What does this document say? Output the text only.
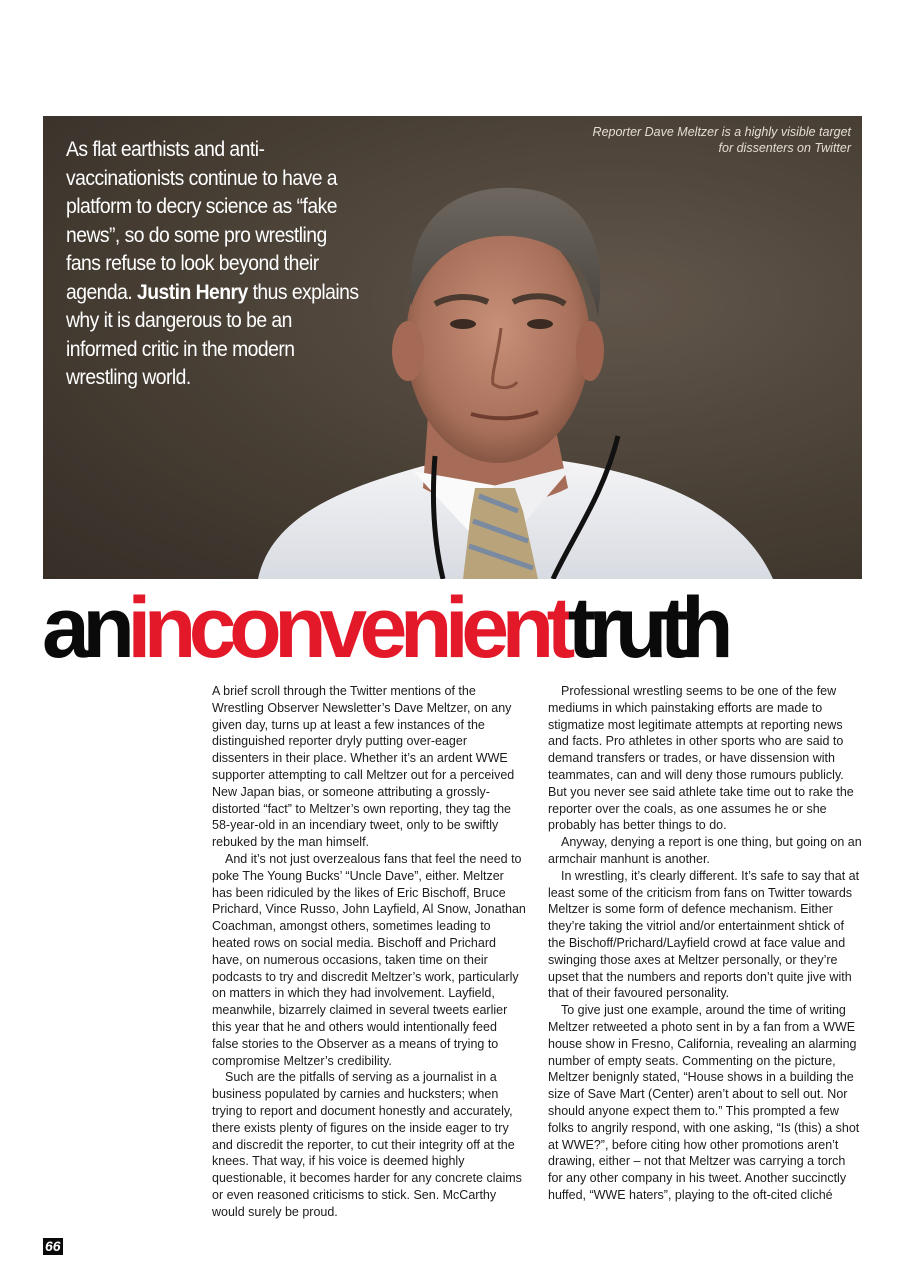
As flat earthists and anti-vaccinationists continue to have a platform to decry science as “fake news”, so do some pro wrestling fans refuse to look beyond their agenda. Justin Henry thus explains why it is dangerous to be an informed critic in the modern wrestling world.
Reporter Dave Meltzer is a highly visible target for dissenters on Twitter
aninconvenienttruth

A brief scroll through the Twitter mentions of the Wrestling Observer Newsletter’s Dave Meltzer, on any given day, turns up at least a few instances of the distinguished reporter dryly putting over-eager dissenters in their place. Whether it’s an ardent WWE supporter attempting to call Meltzer out for a perceived New Japan bias, or someone attributing a grossly-distorted “fact” to Meltzer’s own reporting, they tag the 58-year-old in an incendiary tweet, only to be swiftly rebuked by the man himself.

And it’s not just overzealous fans that feel the need to poke The Young Bucks’ “Uncle Dave”, either. Meltzer has been ridiculed by the likes of Eric Bischoff, Bruce Prichard, Vince Russo, John Layfield, Al Snow, Jonathan Coachman, amongst others, sometimes leading to heated rows on social media. Bischoff and Prichard have, on numerous occasions, taken time on their podcasts to try and discredit Meltzer’s work, particularly on matters in which they had involvement. Layfield, meanwhile, bizarrely claimed in several tweets earlier this year that he and others would intentionally feed false stories to the Observer as a means of trying to compromise Meltzer’s credibility.

Such are the pitfalls of serving as a journalist in a business populated by carnies and hucksters; when trying to report and document honestly and accurately, there exists plenty of figures on the inside eager to try and discredit the reporter, to cut their integrity off at the knees. That way, if his voice is deemed highly questionable, it becomes harder for any concrete claims or even reasoned criticisms to stick. Sen. McCarthy would surely be proud.

Professional wrestling seems to be one of the few mediums in which painstaking efforts are made to stigmatize most legitimate attempts at reporting news and facts. Pro athletes in other sports who are said to demand transfers or trades, or have dissension with teammates, can and will deny those rumours publicly. But you never see said athlete take time out to rake the reporter over the coals, as one assumes he or she probably has better things to do.

Anyway, denying a report is one thing, but going on an armchair manhunt is another.

In wrestling, it’s clearly different. It’s safe to say that at least some of the criticism from fans on Twitter towards Meltzer is some form of defence mechanism. Either they’re taking the vitriol and/or entertainment shtick of the Bischoff/Prichard/Layfield crowd at face value and swinging those axes at Meltzer personally, or they’re upset that the numbers and reports don’t quite jive with that of their favoured personality.

To give just one example, around the time of writing Meltzer retweeted a photo sent in by a fan from a WWE house show in Fresno, California, revealing an alarming number of empty seats. Commenting on the picture, Meltzer benignly stated, “House shows in a building the size of Save Mart (Center) aren’t about to sell out. Nor should anyone expect them to.” This prompted a few folks to angrily respond, with one asking, “Is (this) a shot at WWE?”, before citing how other promotions aren’t drawing, either – not that Meltzer was carrying a torch for any other company in his tweet. Another succinctly huffed, “WWE haters”, playing to the oft-cited cliché

66
